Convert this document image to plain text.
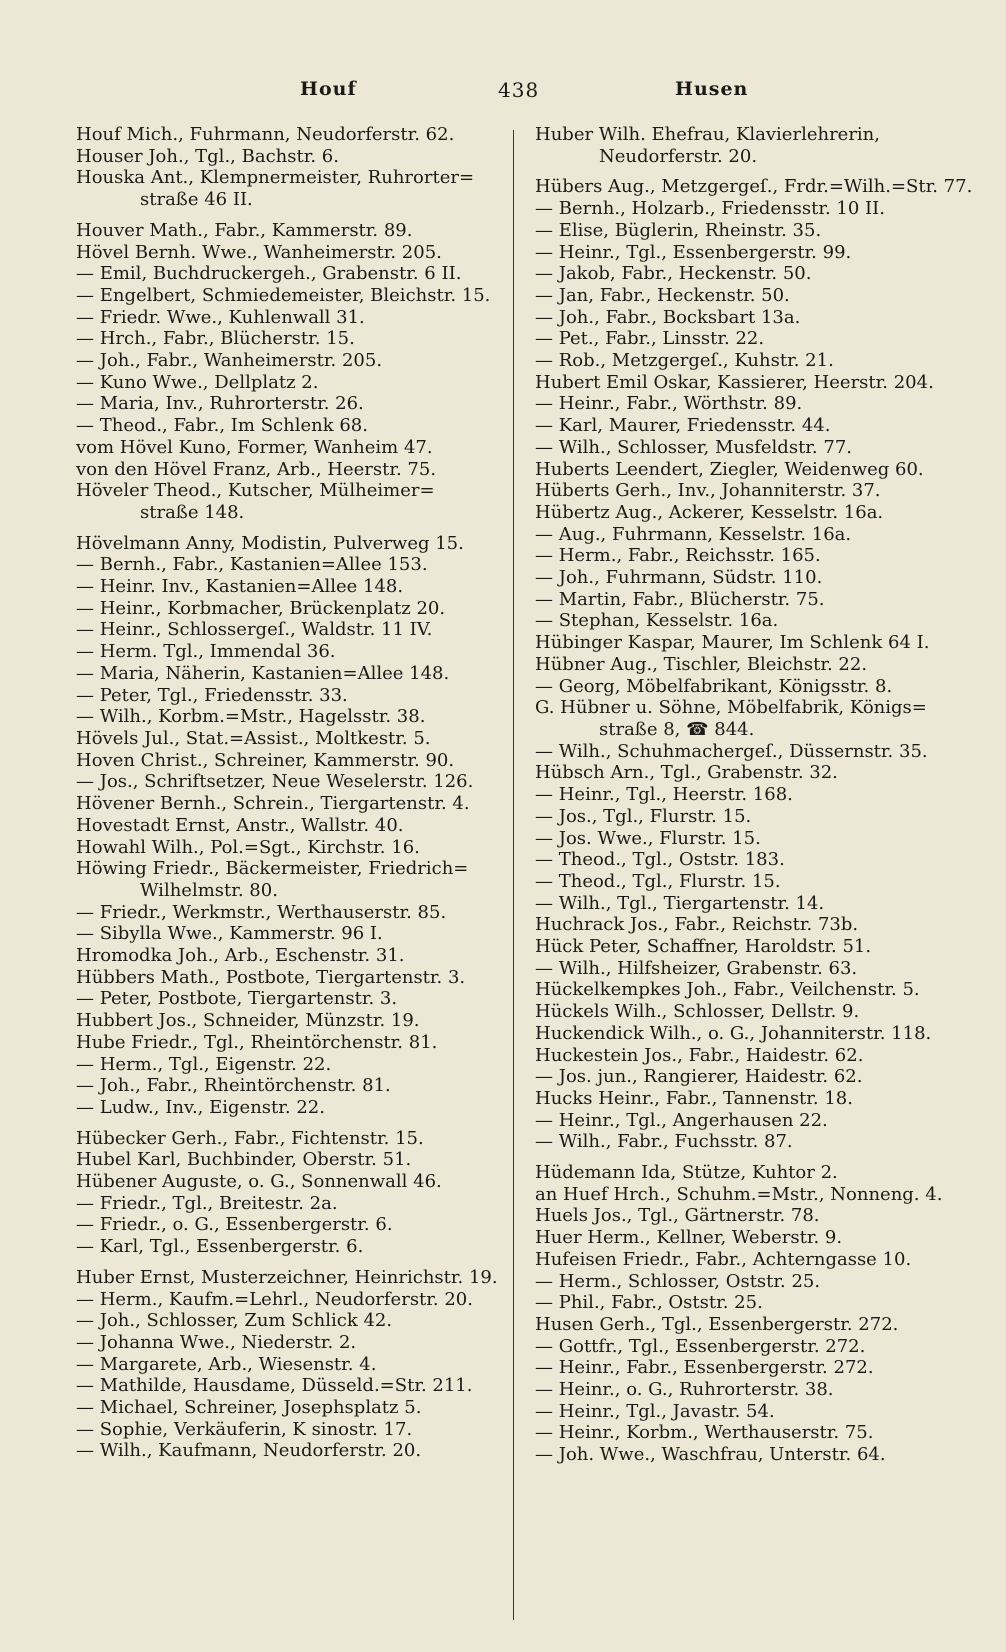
Houf	438	Husen
Houf Mich., Fuhrmann, Neudorferstr. 62.
Houser Joh., Tgl., Bachstr. 6.
Houska Ant., Klempnermeister, Ruhrorter=
straße 46 II.
Houver Math., Fabr., Kammerstr. 89.
Hövel Bernh. Wwe., Wanheimerstr. 205.
— Emil, Buchdruckergeh., Grabenstr. 6 II.
— Engelbert, Schmiedemeister, Bleichstr. 15.
— Friedr. Wwe., Kuhlenwall 31.
— Hrch., Fabr., Blücherstr. 15.
— Joh., Fabr., Wanheimerstr. 205.
— Kuno Wwe., Dellplatz 2.
— Maria, Inv., Ruhrorterstr. 26.
— Theod., Fabr., Im Schlenk 68.
vom Hövel Kuno, Former, Wanheim 47.
von den Hövel Franz, Arb., Heerstr. 75.
Höveler Theod., Kutscher, Mülheimer=
straße 148.
Hövelmann Anny, Modistin, Pulverweg 15.
— Bernh., Fabr., Kastanien=Allee 153.
— Heinr. Inv., Kastanien=Allee 148.
— Heinr., Korbmacher, Brückenplatz 20.
— Heinr., Schlossergeſ., Waldstr. 11 IV.
— Herm. Tgl., Immendal 36.
— Maria, Näherin, Kastanien=Allee 148.
— Peter, Tgl., Friedensstr. 33.
— Wilh., Korbm.=Mstr., Hagelsstr. 38.
Hövels Jul., Stat.=Assist., Moltkestr. 5.
Hoven Christ., Schreiner, Kammerstr. 90.
— Jos., Schriftsetzer, Neue Weselerstr. 126.
Hövener Bernh., Schrein., Tiergartenstr. 4.
Hovestadt Ernst, Anstr., Wallstr. 40.
Howahl Wilh., Pol.=Sgt., Kirchstr. 16.
Höwing Friedr., Bäckermeister, Friedrich=
Wilhelmstr. 80.
— Friedr., Werkmstr., Werthauserstr. 85.
— Sibylla Wwe., Kammerstr. 96 I.
Hromodka Joh., Arb., Eschenstr. 31.
Hübbers Math., Postbote, Tiergartenstr. 3.
— Peter, Postbote, Tiergartenstr. 3.
Hubbert Jos., Schneider, Münzstr. 19.
Hube Friedr., Tgl., Rheintörchenstr. 81.
— Herm., Tgl., Eigenstr. 22.
— Joh., Fabr., Rheintörchenstr. 81.
— Ludw., Inv., Eigenstr. 22.
Hübecker Gerh., Fabr., Fichtenstr. 15.
Hubel Karl, Buchbinder, Oberstr. 51.
Hübener Auguste, o. G., Sonnenwall 46.
— Friedr., Tgl., Breitestr. 2a.
— Friedr., o. G., Essenbergerstr. 6.
— Karl, Tgl., Essenbergerstr. 6.
Huber Ernst, Musterzeichner, Heinrichstr. 19.
— Herm., Kaufm.=Lehrl., Neudorferstr. 20.
— Joh., Schlosser, Zum Schlick 42.
— Johanna Wwe., Niederstr. 2.
— Margarete, Arb., Wiesenstr. 4.
— Mathilde, Hausdame, Düsseld.=Str. 211.
— Michael, Schreiner, Josephsplatz 5.
— Sophie, Verkäuferin, K sinostr. 17.
— Wilh., Kaufmann, Neudorferstr. 20.
Huber Wilh. Ehefrau, Klavierlehrerin,
Neudorferstr. 20.
Hübers Aug., Metzgergeſ., Frdr.=Wilh.=Str. 77.
— Bernh., Holzarb., Friedensstr. 10 II.
— Elise, Büglerin, Rheinstr. 35.
— Heinr., Tgl., Essenbergerstr. 99.
— Jakob, Fabr., Heckenstr. 50.
— Jan, Fabr., Heckenstr. 50.
— Joh., Fabr., Bocksbart 13a.
— Pet., Fabr., Linsstr. 22.
— Rob., Metzgergeſ., Kuhstr. 21.
Hubert Emil Oskar, Kassierer, Heerstr. 204.
— Heinr., Fabr., Wörthstr. 89.
— Karl, Maurer, Friedensstr. 44.
— Wilh., Schlosser, Musfeldstr. 77.
Huberts Leendert, Ziegler, Weidenweg 60.
Hüberts Gerh., Inv., Johanniterstr. 37.
Hübertz Aug., Ackerer, Kesselstr. 16a.
— Aug., Fuhrmann, Kesselstr. 16a.
— Herm., Fabr., Reichsstr. 165.
— Joh., Fuhrmann, Südstr. 110.
— Martin, Fabr., Blücherstr. 75.
— Stephan, Kesselstr. 16a.
Hübinger Kaspar, Maurer, Im Schlenk 64 I.
Hübner Aug., Tischler, Bleichstr. 22.
— Georg, Möbelfabrikant, Königsstr. 8.
G. Hübner u. Söhne, Möbelfabrik, Königs=
straße 8, ☎ 844.
— Wilh., Schuhmachergeſ., Düssernstr. 35.
Hübsch Arn., Tgl., Grabenstr. 32.
— Heinr., Tgl., Heerstr. 168.
— Jos., Tgl., Flurstr. 15.
— Jos. Wwe., Flurstr. 15.
— Theod., Tgl., Oststr. 183.
— Theod., Tgl., Flurstr. 15.
— Wilh., Tgl., Tiergartenstr. 14.
Huchrack Jos., Fabr., Reichstr. 73b.
Hück Peter, Schaffner, Haroldstr. 51.
— Wilh., Hilfsheizer, Grabenstr. 63.
Hückelkempkes Joh., Fabr., Veilchenstr. 5.
Hückels Wilh., Schlosser, Dellstr. 9.
Huckendick Wilh., o. G., Johanniterstr. 118.
Huckestein Jos., Fabr., Haidestr. 62.
— Jos. jun., Rangierer, Haidestr. 62.
Hucks Heinr., Fabr., Tannenstr. 18.
— Heinr., Tgl., Angerhausen 22.
— Wilh., Fabr., Fuchsstr. 87.
Hüdemann Ida, Stütze, Kuhtor 2.
an Huef Hrch., Schuhm.=Mstr., Nonneng. 4.
Huels Jos., Tgl., Gärtnerstr. 78.
Huer Herm., Kellner, Weberstr. 9.
Hufeisen Friedr., Fabr., Achterngasse 10.
— Herm., Schlosser, Oststr. 25.
— Phil., Fabr., Oststr. 25.
Husen Gerh., Tgl., Essenbergerstr. 272.
— Gottfr., Tgl., Essenbergerstr. 272.
— Heinr., Fabr., Essenbergerstr. 272.
— Heinr., o. G., Ruhrorterstr. 38.
— Heinr., Tgl., Javastr. 54.
— Heinr., Korbm., Werthauserstr. 75.
— Joh. Wwe., Waschfrau, Unterstr. 64.
